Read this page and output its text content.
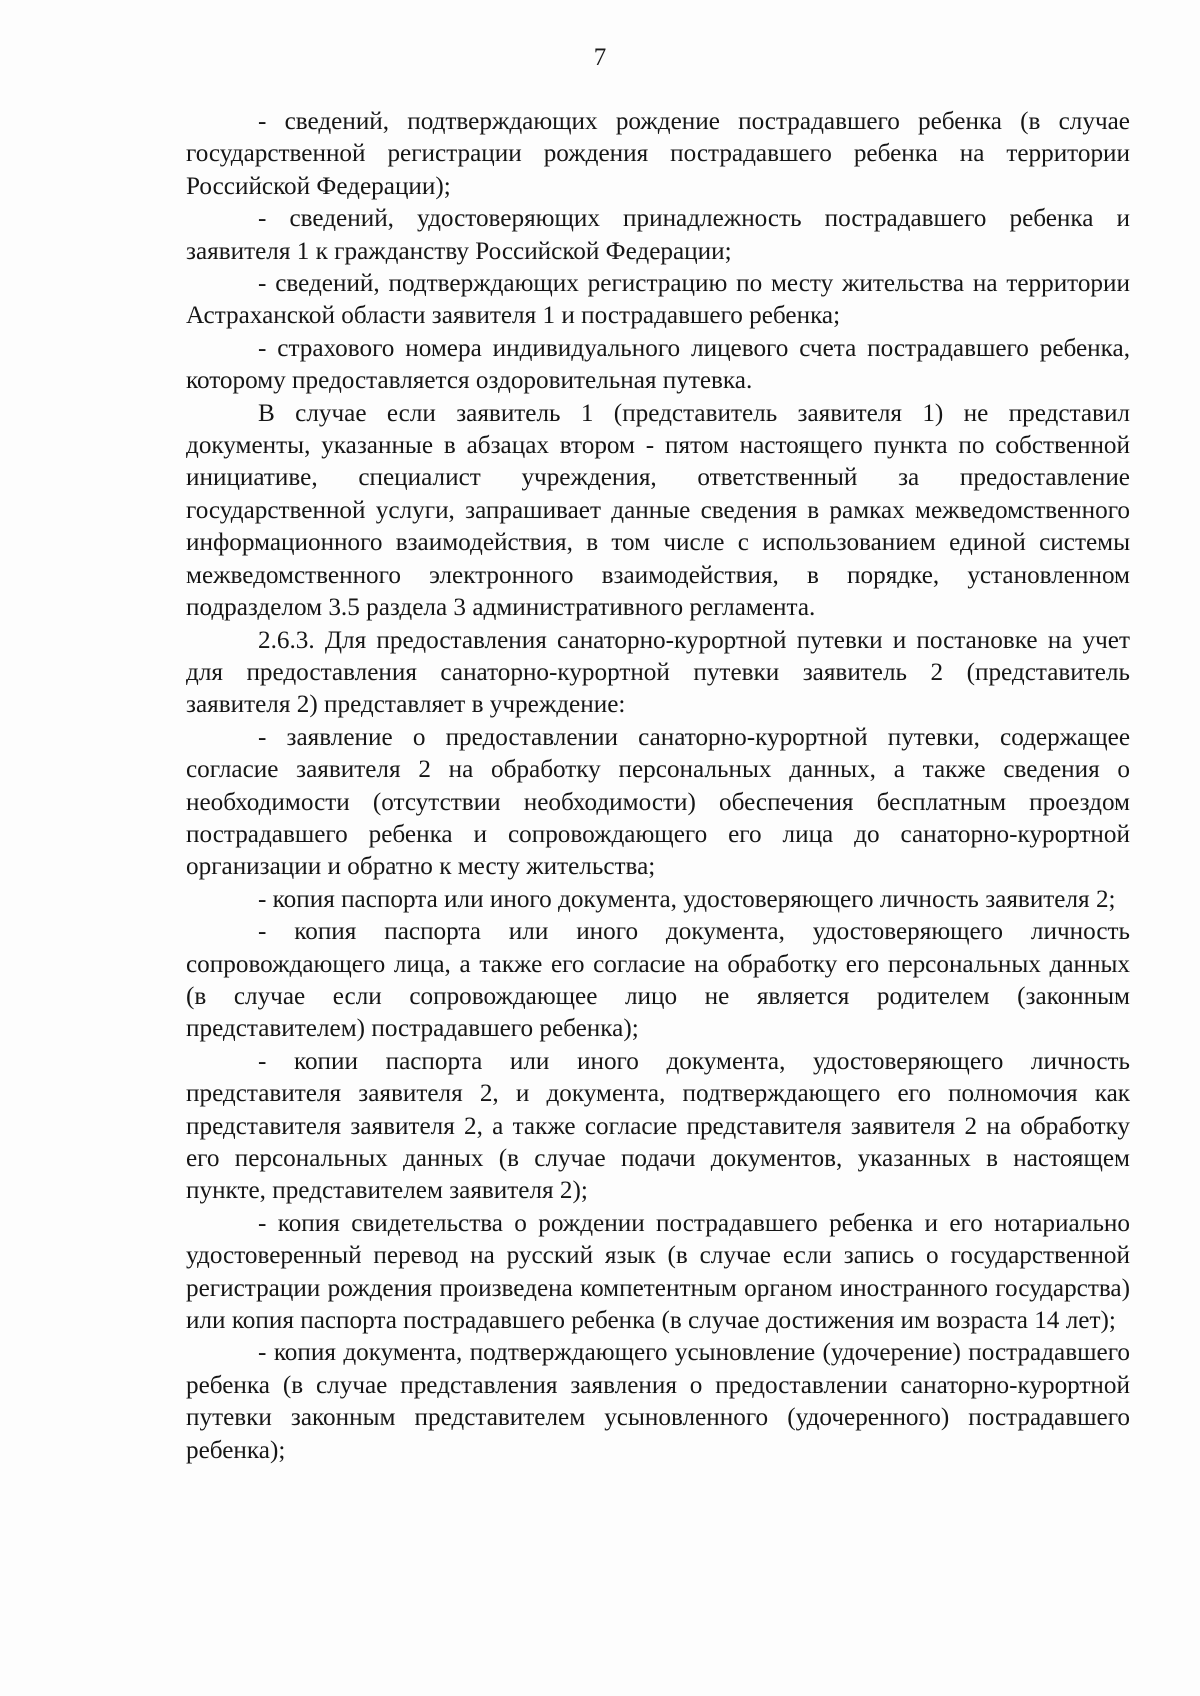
7

- сведений, подтверждающих рождение пострадавшего ребенка (в случае государственной регистрации рождения пострадавшего ребенка на территории Российской Федерации);

- сведений, удостоверяющих принадлежность пострадавшего ребенка и заявителя 1 к гражданству Российской Федерации;

- сведений, подтверждающих регистрацию по месту жительства на территории Астраханской области заявителя 1 и пострадавшего ребенка;

- страхового номера индивидуального лицевого счета пострадавшего ребенка, которому предоставляется оздоровительная путевка.

В случае если заявитель 1 (представитель заявителя 1) не представил документы, указанные в абзацах втором - пятом настоящего пункта по собственной инициативе, специалист учреждения, ответственный за предоставление государственной услуги, запрашивает данные сведения в рамках межведомственного информационного взаимодействия, в том числе с использованием единой системы межведомственного электронного взаимодействия, в порядке, установленном подразделом 3.5 раздела 3 административного регламента.

2.6.3. Для предоставления санаторно-курортной путевки и постановке на учет для предоставления санаторно-курортной путевки заявитель 2 (представитель заявителя 2) представляет в учреждение:

- заявление о предоставлении санаторно-курортной путевки, содержащее согласие заявителя 2 на обработку персональных данных, а также сведения о необходимости (отсутствии необходимости) обеспечения бесплатным проездом пострадавшего ребенка и сопровождающего его лица до санаторно-курортной организации и обратно к месту жительства;

- копия паспорта или иного документа, удостоверяющего личность заявителя 2;

- копия паспорта или иного документа, удостоверяющего личность сопровождающего лица, а также его согласие на обработку его персональных данных (в случае если сопровождающее лицо не является родителем (законным представителем) пострадавшего ребенка);

- копии паспорта или иного документа, удостоверяющего личность представителя заявителя 2, и документа, подтверждающего его полномочия как представителя заявителя 2, а также согласие представителя заявителя 2 на обработку его персональных данных (в случае подачи документов, указанных в настоящем пункте, представителем заявителя 2);

- копия свидетельства о рождении пострадавшего ребенка и его нотариально удостоверенный перевод на русский язык (в случае если запись о государственной регистрации рождения произведена компетентным органом иностранного государства) или копия паспорта пострадавшего ребенка (в случае достижения им возраста 14 лет);

- копия документа, подтверждающего усыновление (удочерение) пострадавшего ребенка (в случае представления заявления о предоставлении санаторно-курортной путевки законным представителем усыновленного (удочеренного) пострадавшего ребенка);
